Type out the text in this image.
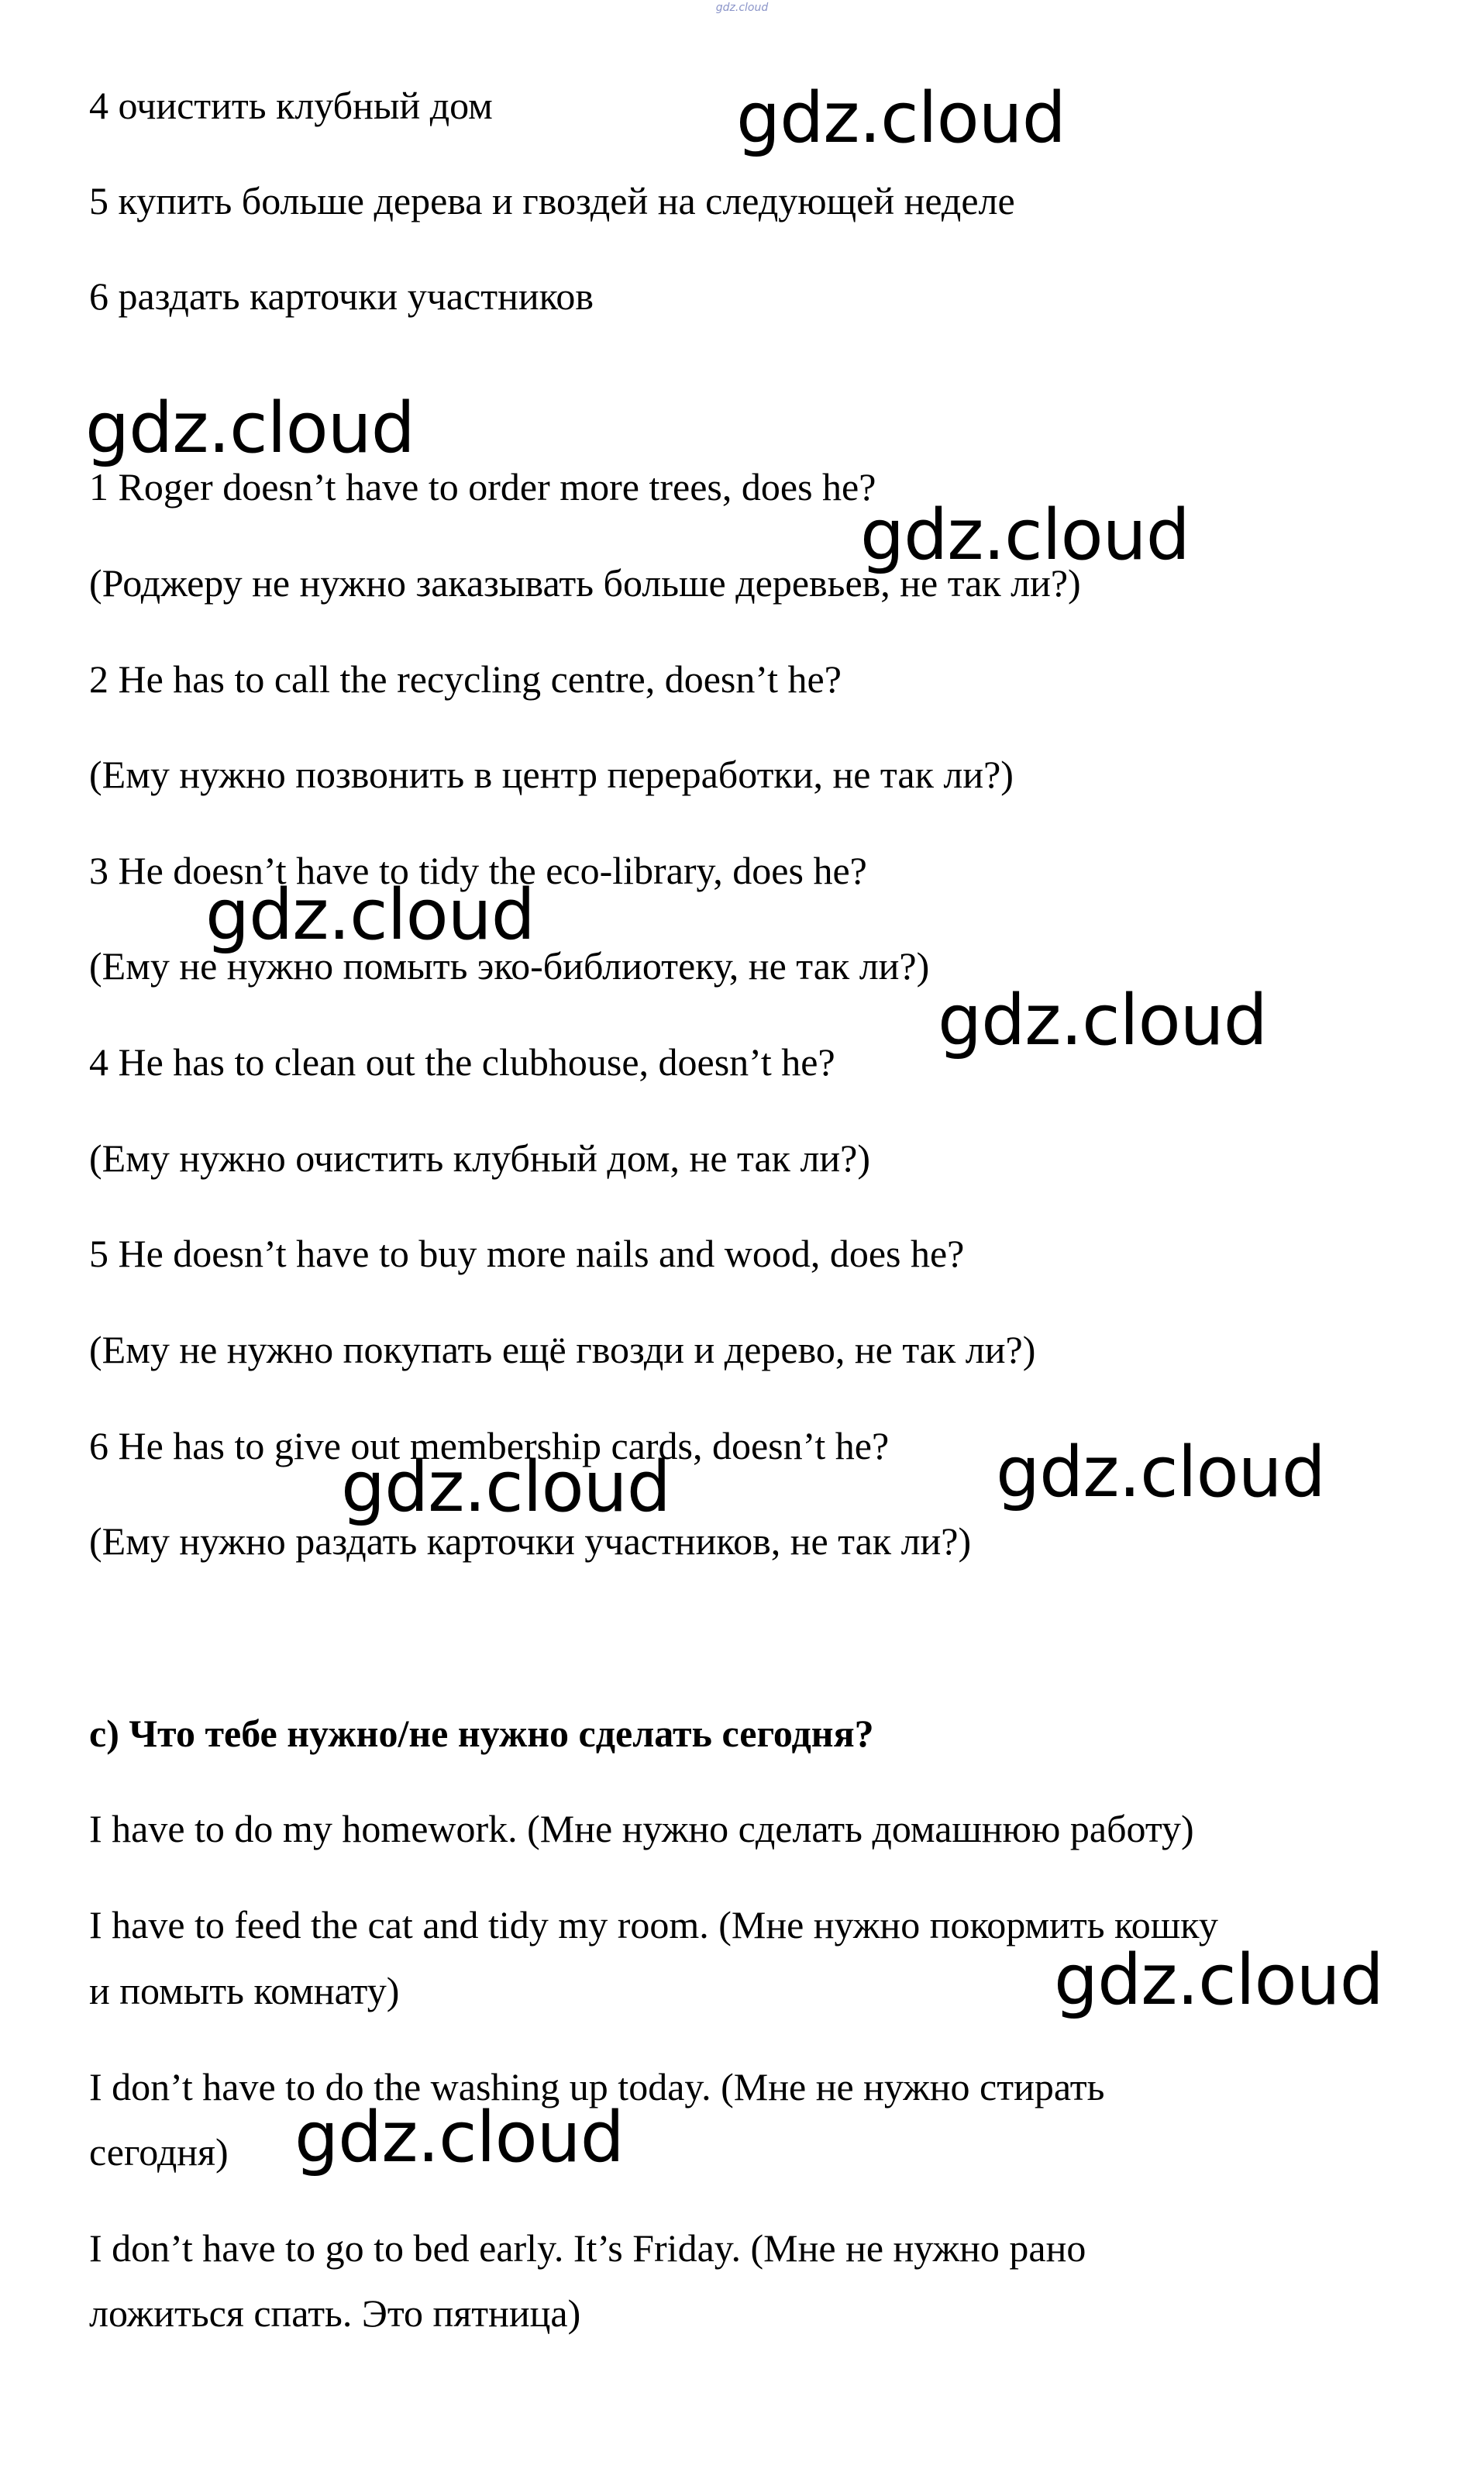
gdz.cloud
4 очистить клубный дом
5 купить больше дерева и гвоздей на следующей неделе
6 раздать карточки участников
1 Roger doesn’t have to order more trees, does he?
(Роджеру не нужно заказывать больше деревьев, не так ли?)
2 He has to call the recycling centre, doesn’t he?
(Ему нужно позвонить в центр переработки, не так ли?)
3 He doesn’t have to tidy the eco-library, does he?
(Ему не нужно помыть эко-библиотеку, не так ли?)
4 He has to clean out the clubhouse, doesn’t he?
(Ему нужно очистить клубный дом, не так ли?)
5 He doesn’t have to buy more nails and wood, does he?
(Ему не нужно покупать ещё гвозди и дерево, не так ли?)
6 He has to give out membership cards, doesn’t he?
(Ему нужно раздать карточки участников, не так ли?)
с) Что тебе нужно/не нужно сделать сегодня?
I have to do my homework. (Мне нужно сделать домашнюю работу)
I have to feed the cat and tidy my room. (Мне нужно покормить кошку
и помыть комнату)
I don’t have to do the washing up today. (Мне не нужно стирать
сегодня)
I don’t have to go to bed early. It’s Friday. (Мне не нужно рано
ложиться спать. Это пятница)
gdz.cloud
gdz.cloud
gdz.cloud
gdz.cloud
gdz.cloud
gdz.cloud	gdz.cloud
gdz.cloud
gdz.cloud
